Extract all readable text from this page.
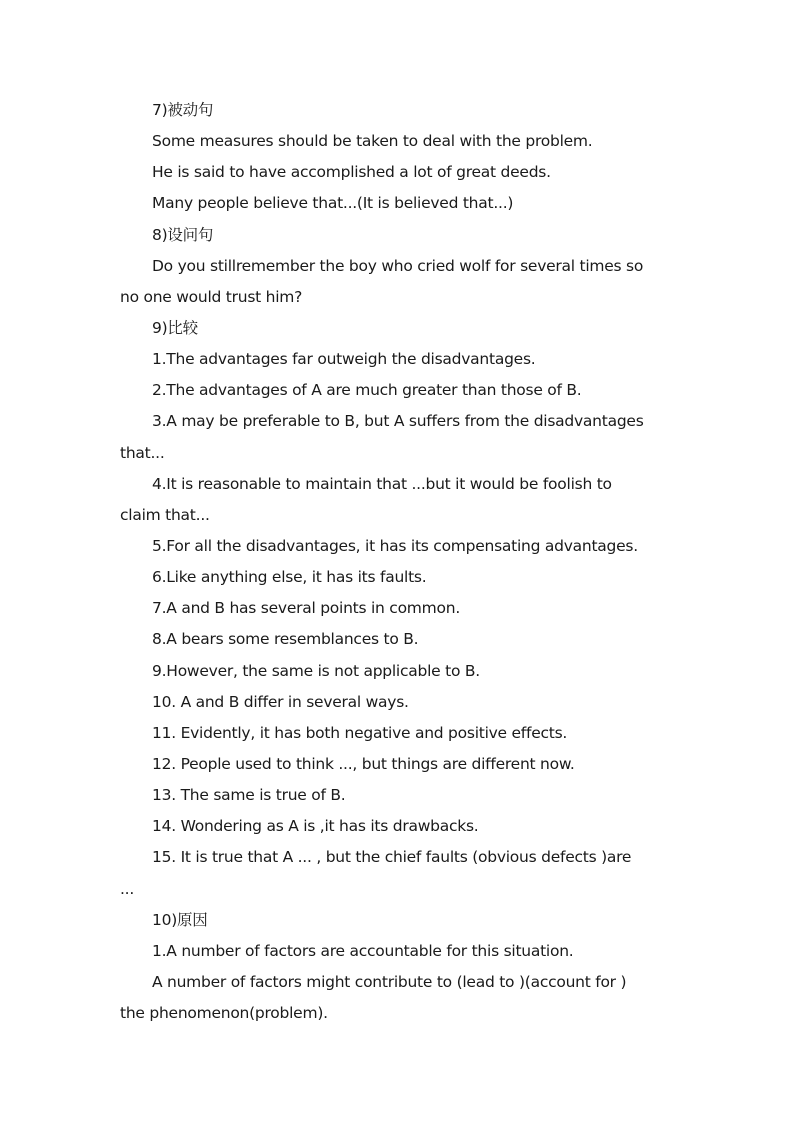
7)被动句
Some measures should be taken to deal with the problem.
He is said to have accomplished a lot of great deeds.
Many people believe that...(It is believed that...)
8)设问句
Do you stillremember the boy who cried wolf for several times so
no one would trust him?
9)比较
1.The advantages far outweigh the disadvantages.
2.The advantages of A are much greater than those of B.
3.A may be preferable to B, but A suffers from the disadvantages
that...
4.It is reasonable to maintain that ...but it would be foolish to
claim that...
5.For all the disadvantages, it has its compensating advantages.
6.Like anything else, it has its faults.
7.A and B has several points in common.
8.A bears some resemblances to B.
9.However, the same is not applicable to B.
10. A and B differ in several ways.
11. Evidently, it has both negative and positive effects.
12. People used to think ..., but things are different now.
13. The same is true of B.
14. Wondering as A is ,it has its drawbacks.
15. It is true that A ... , but the chief faults (obvious defects )are
...
10)原因
1.A number of factors are accountable for this situation.
A number of factors might contribute to (lead to )(account for )
the phenomenon(problem).
